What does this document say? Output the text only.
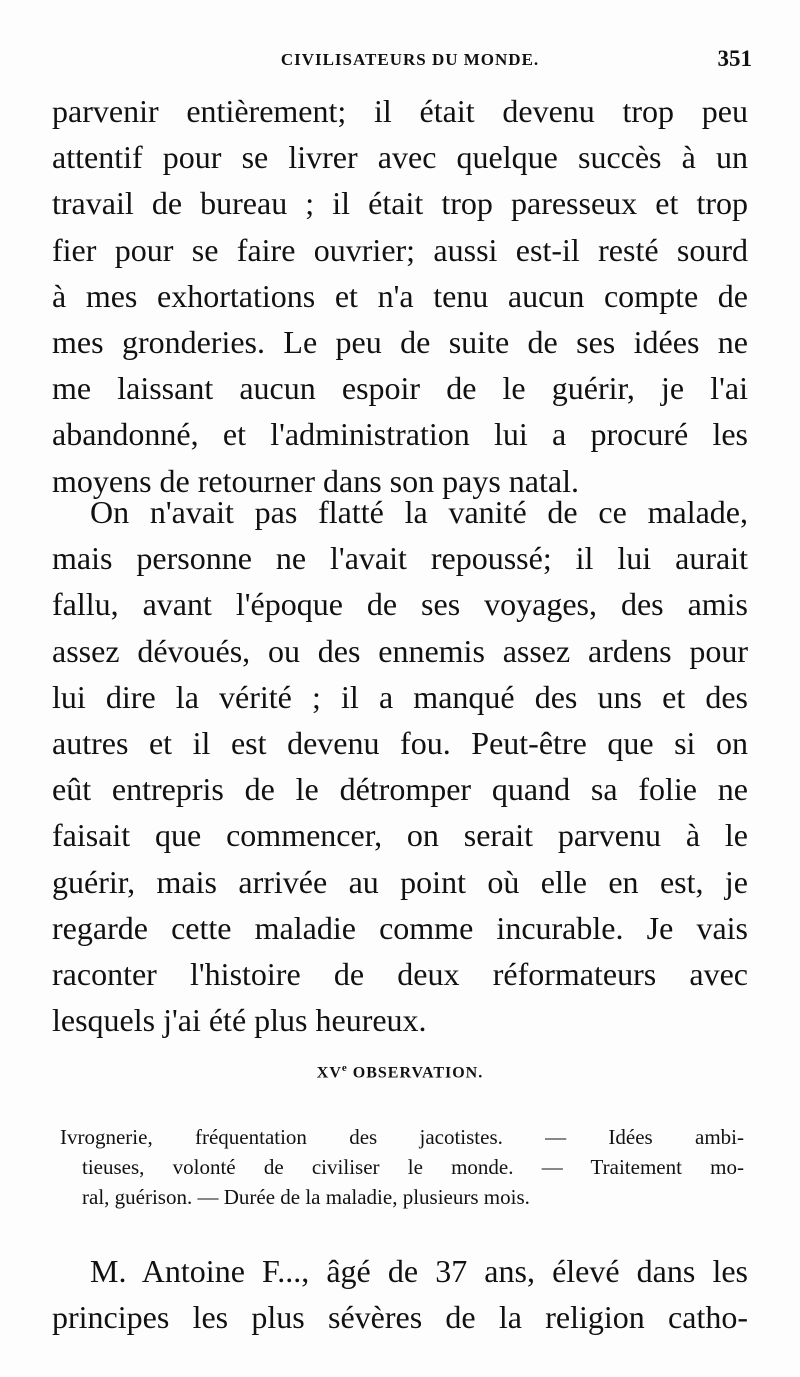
CIVILISATEURS DU MONDE.	351
parvenir entièrement; il était devenu trop peu
attentif pour se livrer avec quelque succès à un
travail de bureau ; il était trop paresseux et trop
fier pour se faire ouvrier; aussi est-il resté sourd
à mes exhortations et n'a tenu aucun compte de
mes gronderies. Le peu de suite de ses idées ne
me laissant aucun espoir de le guérir, je l'ai
abandonné, et l'administration lui a procuré les
moyens de retourner dans son pays natal.
On n'avait pas flatté la vanité de ce malade,
mais personne ne l'avait repoussé; il lui aurait
fallu, avant l'époque de ses voyages, des amis
assez dévoués, ou des ennemis assez ardens pour
lui dire la vérité ; il a manqué des uns et des
autres et il est devenu fou. Peut-être que si on
eût entrepris de le détromper quand sa folie ne
faisait que commencer, on serait parvenu à le
guérir, mais arrivée au point où elle en est, je
regarde cette maladie comme incurable. Je vais
raconter l'histoire de deux réformateurs avec
lesquels j'ai été plus heureux.
XVe OBSERVATION.
Ivrognerie, fréquentation des jacotistes. — Idées ambi-
tieuses, volonté de civiliser le monde. — Traitement mo-
ral, guérison. — Durée de la maladie, plusieurs mois.
M. Antoine F..., âgé de 37 ans, élevé dans les
principes les plus sévères de la religion catho-
